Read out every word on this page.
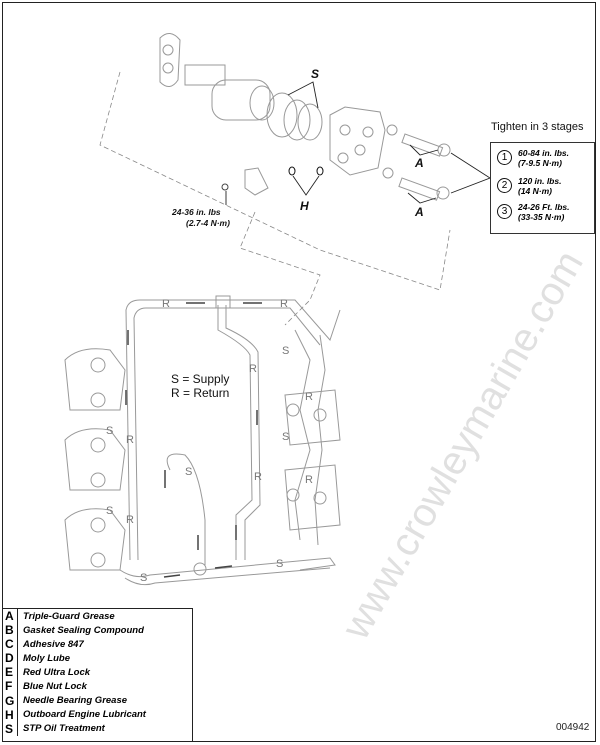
S
A
A
H
24-36 in. lbs
(2.7-4 N·m)
R	R
R
R
R
R
R
R
S
S
S
S
S
S
S www.crowleymarine.com
S = Supply
R = Return
Tighten in 3 stages
1	60-84 in. lbs.
(7-9.5 N·m)
2	120 in. lbs.
(14 N·m)
3	24-26 Ft. lbs.
(33-35 N·m)
A Triple-Guard Grease
B Gasket Sealing Compound
C Adhesive 847
D Moly Lube
E	Red Ultra Lock
F	Blue Nut Lock
G Needle Bearing Grease
H Outboard Engine Lubricant
S	STP Oil Treatment	004942
